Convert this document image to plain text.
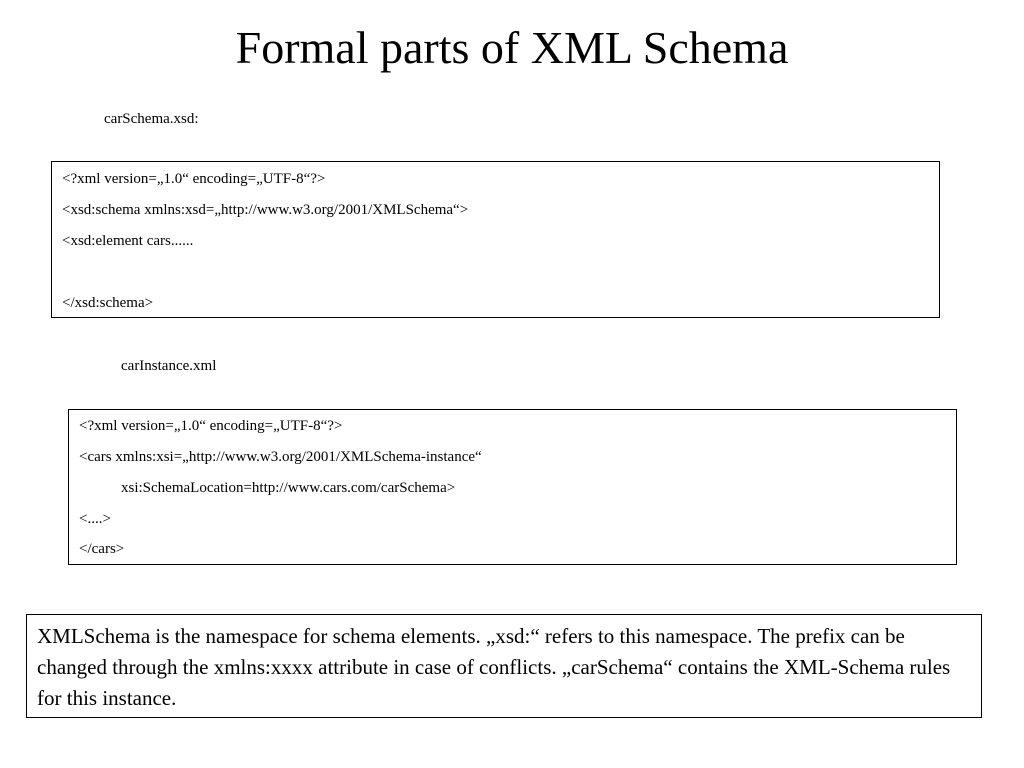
Formal parts of XML Schema
carSchema.xsd:
<?xml version=„1.0“ encoding=„UTF-8“?>
<xsd:schema xmlns:xsd=„http://www.w3.org/2001/XMLSchema“>
<xsd:element cars......
</xsd:schema>
carInstance.xml
<?xml version=„1.0“ encoding=„UTF-8“?>
<cars xmlns:xsi=„http://www.w3.org/2001/XMLSchema-instance“
xsi:SchemaLocation=http://www.cars.com/carSchema>
<....>
</cars>
XMLSchema is the namespace for schema elements. „xsd:“ refers to this namespace. The prefix can be changed through the xmlns:xxxx attribute in case of conflicts. „carSchema“ contains the XML-Schema rules for this instance.
